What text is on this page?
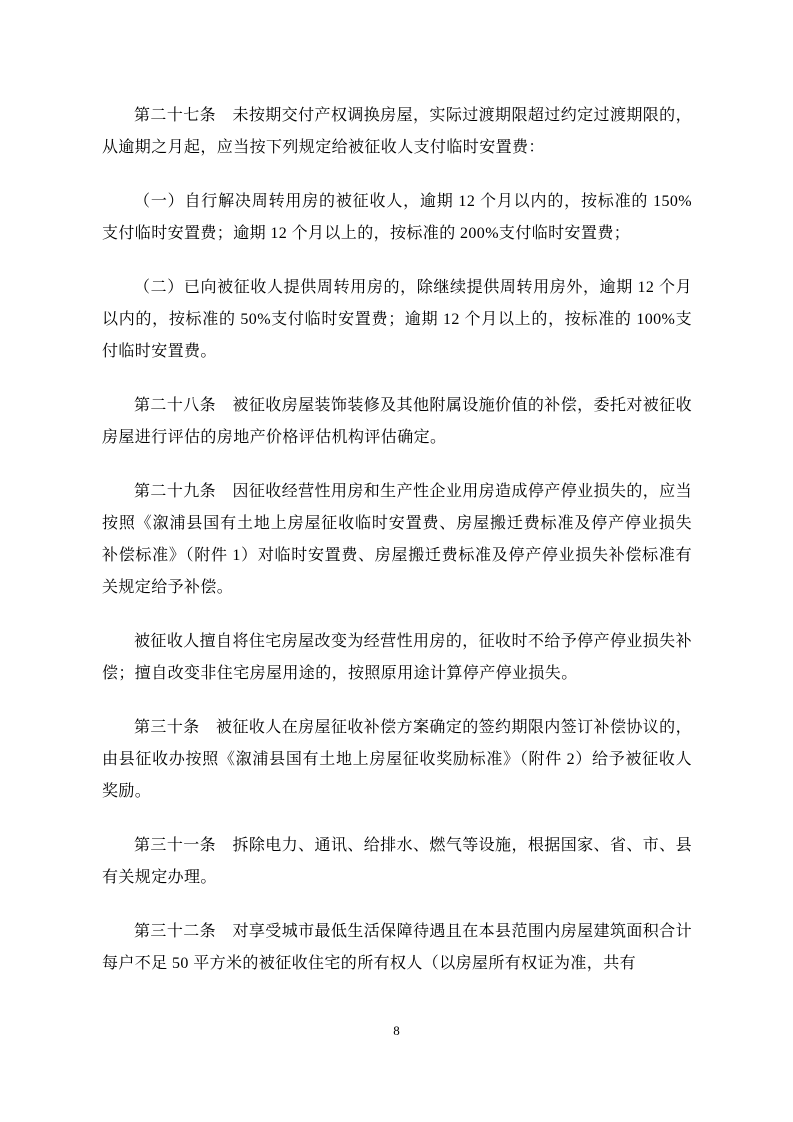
第二十七条　未按期交付产权调换房屋，实际过渡期限超过约定过渡期限的，从逾期之月起，应当按下列规定给被征收人支付临时安置费：

（一）自行解决周转用房的被征收人，逾期 12 个月以内的，按标准的 150%支付临时安置费；逾期 12 个月以上的，按标准的 200%支付临时安置费；

（二）已向被征收人提供周转用房的，除继续提供周转用房外，逾期 12 个月以内的，按标准的 50%支付临时安置费；逾期 12 个月以上的，按标准的 100%支付临时安置费。

第二十八条　被征收房屋装饰装修及其他附属设施价值的补偿，委托对被征收房屋进行评估的房地产价格评估机构评估确定。

第二十九条　因征收经营性用房和生产性企业用房造成停产停业损失的，应当按照《溆浦县国有土地上房屋征收临时安置费、房屋搬迁费标准及停产停业损失补偿标准》（附件 1）对临时安置费、房屋搬迁费标准及停产停业损失补偿标准有关规定给予补偿。

被征收人擅自将住宅房屋改变为经营性用房的，征收时不给予停产停业损失补偿；擅自改变非住宅房屋用途的，按照原用途计算停产停业损失。

第三十条　被征收人在房屋征收补偿方案确定的签约期限内签订补偿协议的，由县征收办按照《溆浦县国有土地上房屋征收奖励标准》（附件 2）给予被征收人奖励。

第三十一条　拆除电力、通讯、给排水、燃气等设施，根据国家、省、市、县有关规定办理。

第三十二条　对享受城市最低生活保障待遇且在本县范围内房屋建筑面积合计每户不足 50 平方米的被征收住宅的所有权人（以房屋所有权证为准，共有

8
